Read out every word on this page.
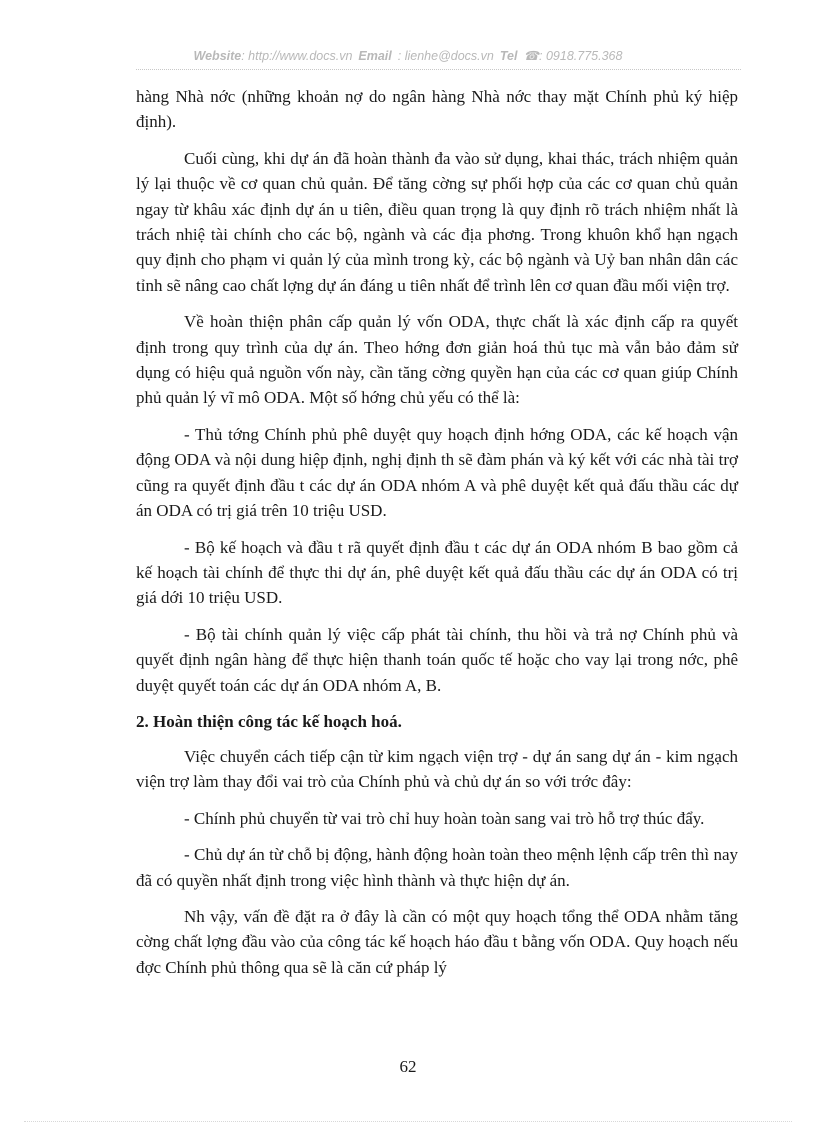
Website: http://www.docs.vn Email : lienhe@docs.vn Tel ☎: 0918.775.368

hàng Nhà nớc (những khoản nợ do ngân hàng Nhà nớc thay mặt Chính phủ ký hiệp định).

Cuối cùng, khi dự án đã hoàn thành đa vào sử dụng, khai thác, trách nhiệm quản lý lại thuộc về cơ quan chủ quản. Để tăng cờng sự phối hợp của các cơ quan chủ quản ngay từ khâu xác định dự án u tiên, điều quan trọng là quy định rõ trách nhiệm nhất là trách nhiệ tài chính cho các bộ, ngành và các địa phơng. Trong khuôn khổ hạn ngạch quy định cho phạm vi quản lý của mình trong kỳ, các bộ ngành và Uỷ ban nhân dân các tỉnh sẽ nâng cao chất lợng dự án đáng u tiên nhất để trình lên cơ quan đầu mối viện trợ.

Về hoàn thiện phân cấp quản lý vốn ODA, thực chất là xác định cấp ra quyết định trong quy trình của dự án. Theo hớng đơn giản hoá thủ tục mà vẫn bảo đảm sử dụng có hiệu quả nguồn vốn này, cần tăng cờng quyền hạn của các cơ quan giúp Chính phủ quản lý vĩ mô ODA. Một số hớng chủ yếu có thể là:

- Thủ tớng Chính phủ phê duyệt quy hoạch định hớng ODA, các kế hoạch vận động ODA và nội dung hiệp định, nghị định th sẽ đàm phán và ký kết với các nhà tài trợ cũng ra quyết định đầu t các dự án ODA nhóm A và phê duyệt kết quả đấu thầu các dự án ODA có trị giá trên 10 triệu USD.

- Bộ kế hoạch và đầu t rã quyết định đầu t các dự án ODA nhóm B bao gồm cả kế hoạch tài chính để thực thi dự án, phê duyệt kết quả đấu thầu các dự án ODA có trị giá dới 10 triệu USD.

- Bộ tài chính quản lý việc cấp phát tài chính, thu hồi và trả nợ Chính phủ và quyết định ngân hàng để thực hiện thanh toán quốc tế hoặc cho vay lại trong nớc, phê duyệt quyết toán các dự án ODA nhóm A, B.

2. Hoàn thiện công tác kế hoạch hoá.

Việc chuyển cách tiếp cận từ kim ngạch viện trợ - dự án sang dự án - kim ngạch viện trợ làm thay đổi vai trò của Chính phủ và chủ dự án so với trớc đây:

- Chính phủ chuyển từ vai trò chỉ huy hoàn toàn sang vai trò hỗ trợ thúc đẩy.

- Chủ dự án từ chỗ bị động, hành động hoàn toàn theo mệnh lệnh cấp trên thì nay đã có quyền nhất định trong việc hình thành và thực hiện dự án.

Nh vậy, vấn đề đặt ra ở đây là cần có một quy hoạch tổng thể ODA nhằm tăng cờng chất lợng đầu vào của công tác kế hoạch háo đầu t bằng vốn ODA. Quy hoạch nếu đợc Chính phủ thông qua sẽ là căn cứ pháp lý

62
